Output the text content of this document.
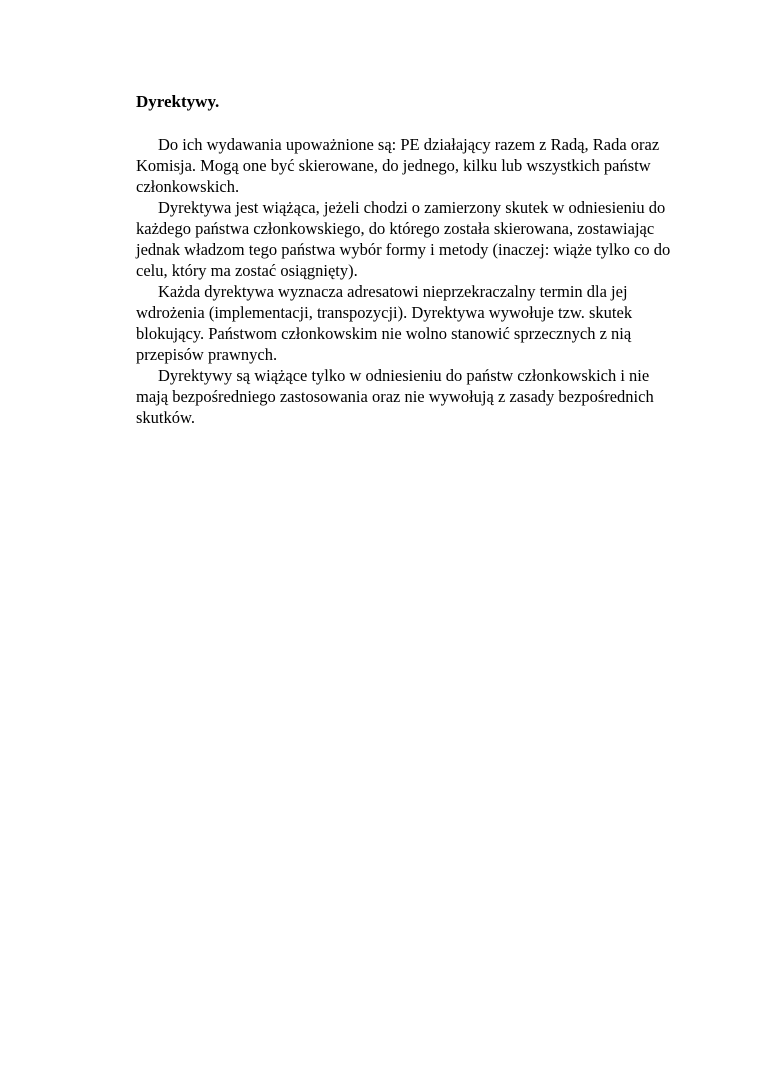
Dyrektywy.

Do ich wydawania upoważnione są: PE działający razem z Radą, Rada oraz Komisja. Mogą one być skierowane, do jednego, kilku lub wszystkich państw członkowskich.

Dyrektywa jest wiążąca, jeżeli chodzi o zamierzony skutek w odniesieniu do każdego państwa członkowskiego, do którego została skierowana, zostawiając jednak władzom tego państwa wybór formy i metody (inaczej: wiąże tylko co do celu, który ma zostać osiągnięty).

Każda dyrektywa wyznacza adresatowi nieprzekraczalny termin dla jej wdrożenia (implementacji, transpozycji). Dyrektywa wywołuje tzw. skutek blokujący. Państwom członkowskim nie wolno stanowić sprzecznych z nią przepisów prawnych.

Dyrektywy są wiążące tylko w odniesieniu do państw członkowskich i nie mają bezpośredniego zastosowania oraz nie wywołują z zasady bezpośrednich skutków.
